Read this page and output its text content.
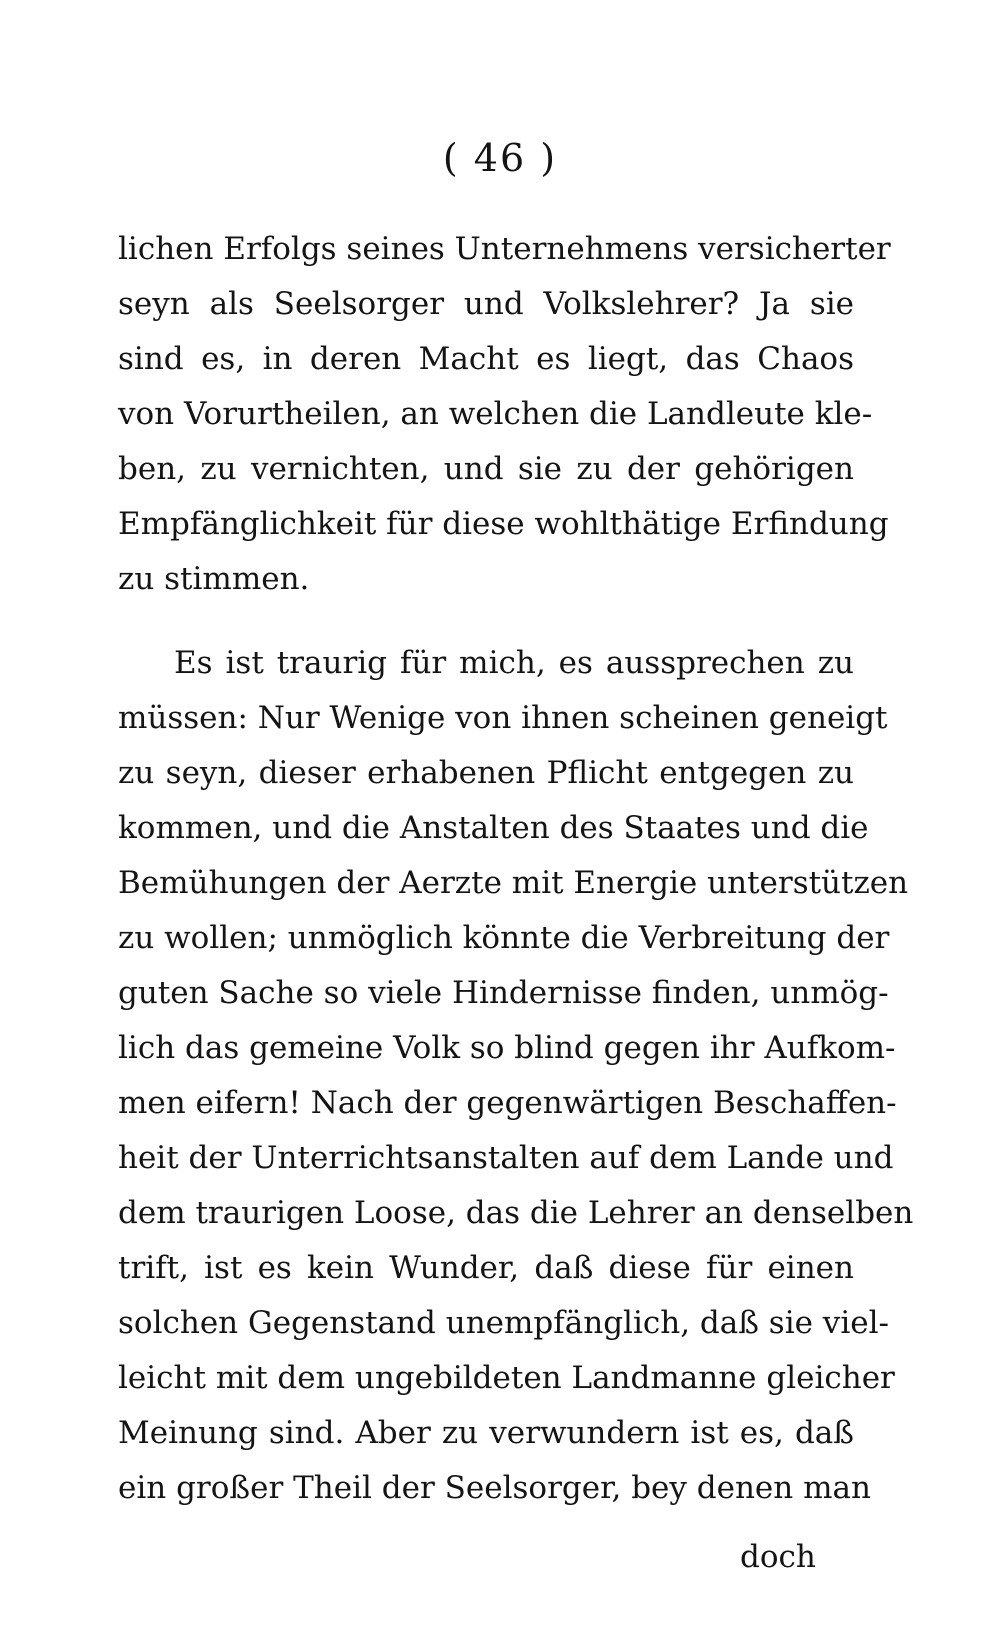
( 46 )
lichen Erfolgs seines Unternehmens versicherter
seyn als Seelsorger und Volkslehrer? Ja sie
sind es, in deren Macht es liegt, das Chaos
von Vorurtheilen, an welchen die Landleute kle-
ben, zu vernichten, und sie zu der gehörigen
Empfänglichkeit für diese wohlthätige Erfindung
zu stimmen.
Es ist traurig für mich, es aussprechen zu
müssen: Nur Wenige von ihnen scheinen geneigt
zu seyn, dieser erhabenen Pflicht entgegen zu
kommen, und die Anstalten des Staates und die
Bemühungen der Aerzte mit Energie unterstützen
zu wollen; unmöglich könnte die Verbreitung der
guten Sache so viele Hindernisse finden, unmög-
lich das gemeine Volk so blind gegen ihr Aufkom-
men eifern! Nach der gegenwärtigen Beschaffen-
heit der Unterrichtsanstalten auf dem Lande und
dem traurigen Loose, das die Lehrer an denselben
trift, ist es kein Wunder, daß diese für einen
solchen Gegenstand unempfänglich, daß sie viel-
leicht mit dem ungebildeten Landmanne gleicher
Meinung sind. Aber zu verwundern ist es, daß
ein großer Theil der Seelsorger, bey denen man
doch
